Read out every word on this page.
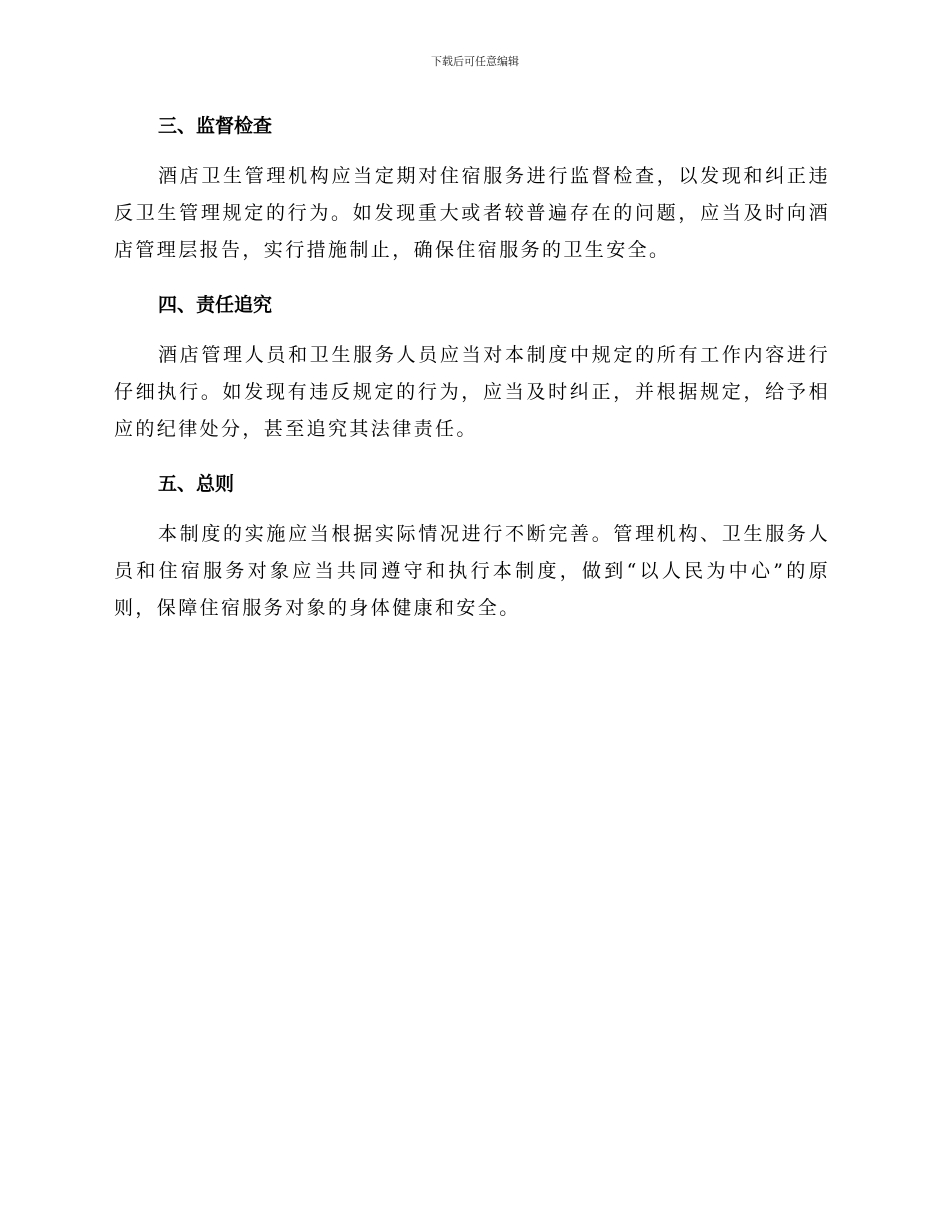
下载后可任意编辑
三、监督检查

酒店卫生管理机构应当定期对住宿服务进行监督检查，以发现和纠正违反卫生管理规定的行为。如发现重大或者较普遍存在的问题，应当及时向酒店管理层报告，实行措施制止，确保住宿服务的卫生安全。

四、责任追究

酒店管理人员和卫生服务人员应当对本制度中规定的所有工作内容进行仔细执行。如发现有违反规定的行为，应当及时纠正，并根据规定，给予相应的纪律处分，甚至追究其法律责任。

五、总则

本制度的实施应当根据实际情况进行不断完善。管理机构、卫生服务人员和住宿服务对象应当共同遵守和执行本制度，做到“以人民为中心”的原则，保障住宿服务对象的身体健康和安全。
